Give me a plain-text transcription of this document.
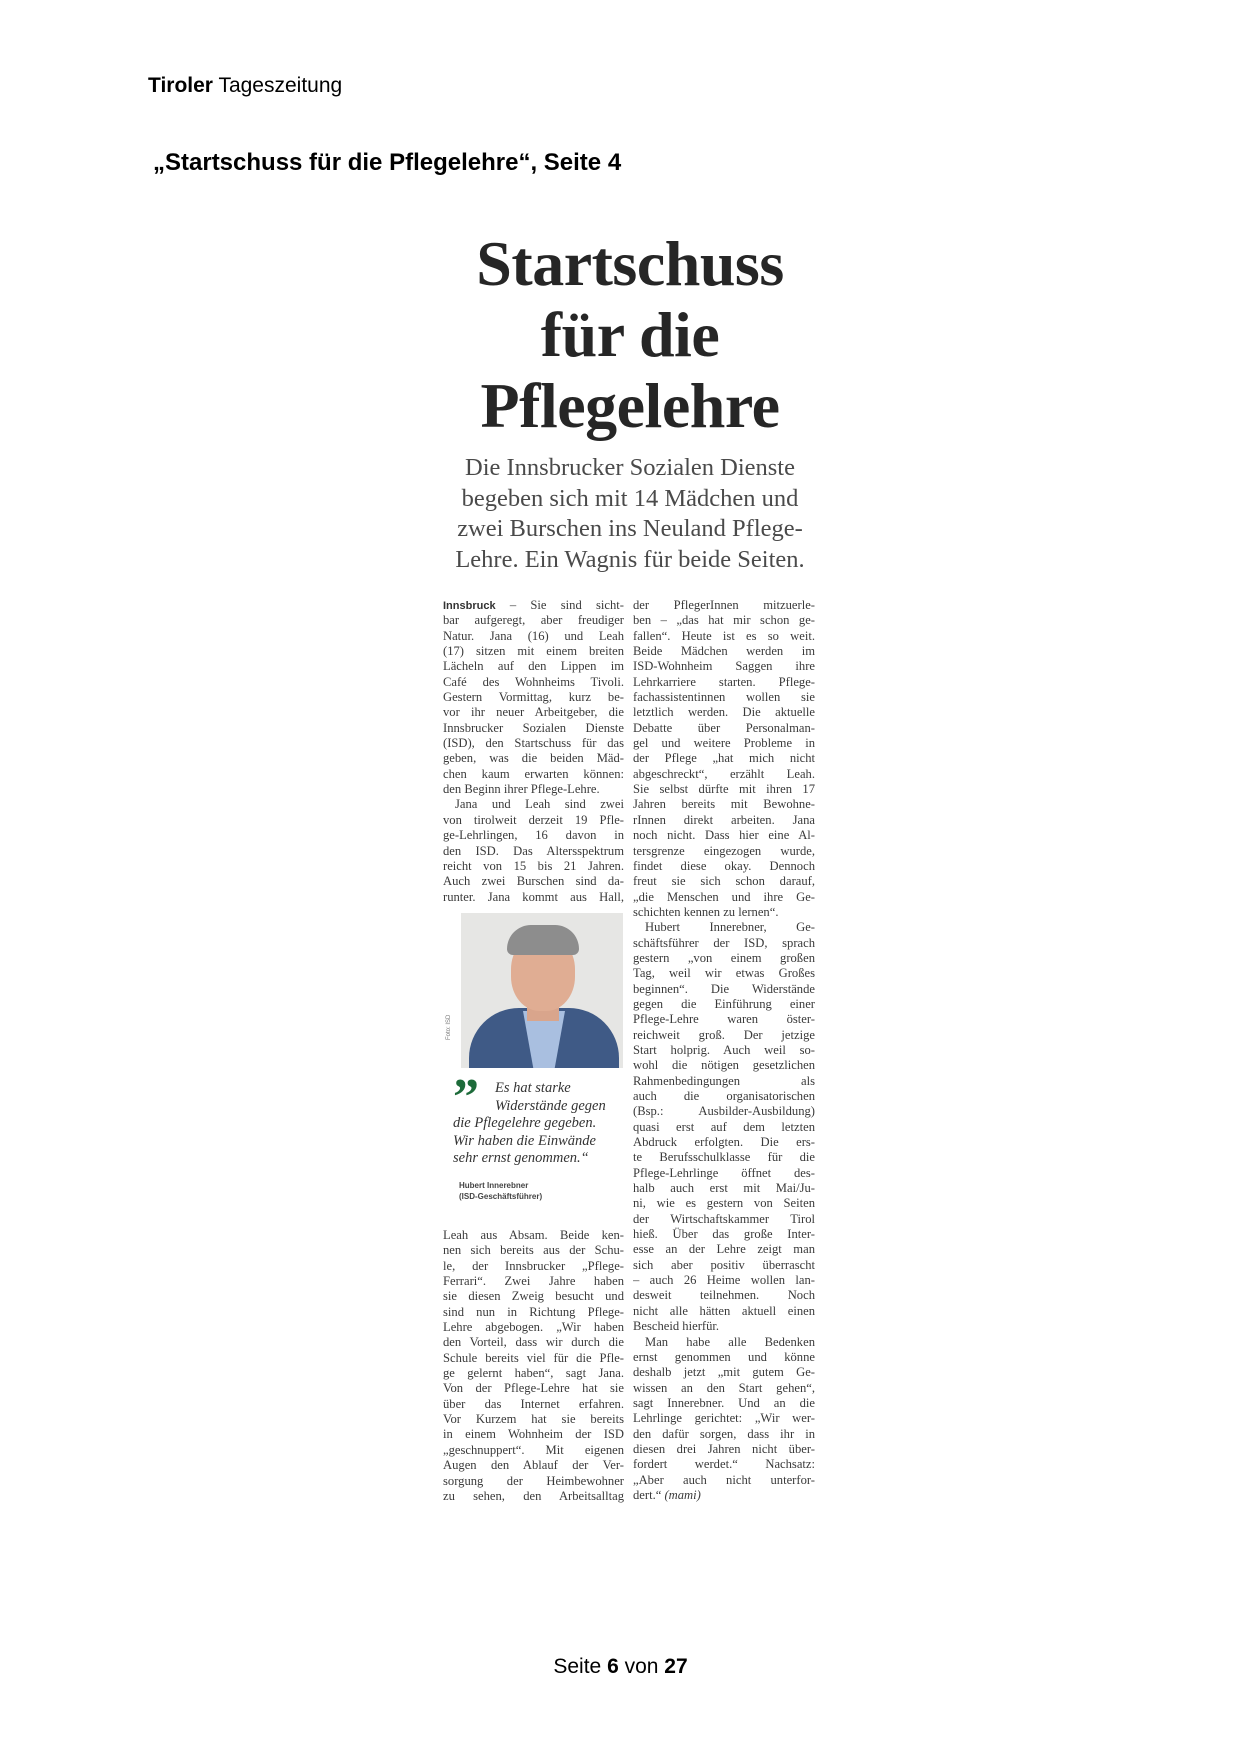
Tiroler Tageszeitung
„Startschuss für die Pflegelehre“, Seite 4
Startschuss
für die
Pflegelehre
Die Innsbrucker Sozialen Dienste
begeben sich mit 14 Mädchen und
zwei Burschen ins Neuland Pflege-
Lehre. Ein Wagnis für beide Seiten.
Innsbruck – Sie sind sicht-
bar aufgeregt, aber freudiger
Natur. Jana (16) und Leah
(17) sitzen mit einem breiten
Lächeln auf den Lippen im
Café des Wohnheims Tivoli.
Gestern Vormittag, kurz be-
vor ihr neuer Arbeitgeber, die
Innsbrucker Sozialen Dienste
(ISD), den Startschuss für das
geben, was die beiden Mäd-
chen kaum erwarten können:
den Beginn ihrer Pflege-Lehre.
Jana und Leah sind zwei
von tirolweit derzeit 19 Pfle-
ge-Lehrlingen, 16 davon in
den ISD. Das Altersspektrum
reicht von 15 bis 21 Jahren.
Auch zwei Burschen sind da-
runter. Jana kommt aus Hall,
Leah aus Absam. Beide ken-
nen sich bereits aus der Schu-
le, der Innsbrucker „Pflege-
Ferrari“. Zwei Jahre haben
sie diesen Zweig besucht und
sind nun in Richtung Pflege-
Lehre abgebogen. „Wir haben
den Vorteil, dass wir durch die
Schule bereits viel für die Pfle-
ge gelernt haben“, sagt Jana.
Von der Pflege-Lehre hat sie
über das Internet erfahren.
Vor Kurzem hat sie bereits
in einem Wohnheim der ISD
„geschnuppert“. Mit eigenen
Augen den Ablauf der Ver-
sorgung der Heimbewohner
zu sehen, den Arbeitsalltag
der PflegerInnen mitzuerle-
ben – „das hat mir schon ge-
fallen“. Heute ist es so weit.
Beide Mädchen werden im
ISD-Wohnheim Saggen ihre
Lehrkarriere starten. Pflege-
fachassistentinnen wollen sie
letztlich werden. Die aktuelle
Debatte über Personalman-
gel und weitere Probleme in
der Pflege „hat mich nicht
abgeschreckt“, erzählt Leah.
Sie selbst dürfte mit ihren 17
Jahren bereits mit Bewohne-
rInnen direkt arbeiten. Jana
noch nicht. Dass hier eine Al-
tersgrenze eingezogen wurde,
findet diese okay. Dennoch
freut sie sich schon darauf,
„die Menschen und ihre Ge-
schichten kennen zu lernen“.
Hubert Innerebner, Ge-
schäftsführer der ISD, sprach
gestern „von einem großen
Tag, weil wir etwas Großes
beginnen“. Die Widerstände
gegen die Einführung einer
Pflege-Lehre waren öster-
reichweit groß. Der jetzige
Start holprig. Auch weil so-
wohl die nötigen gesetzlichen
Rahmenbedingungen als
auch die organisatorischen
(Bsp.: Ausbilder-Ausbildung)
quasi erst auf dem letzten
Abdruck erfolgten. Die ers-
te Berufsschulklasse für die
Pflege-Lehrlinge öffnet des-
halb auch erst mit Mai/Ju-
ni, wie es gestern von Seiten
der Wirtschaftskammer Tirol
hieß. Über das große Inter-
esse an der Lehre zeigt man
sich aber positiv überrascht
– auch 26 Heime wollen lan-
desweit teilnehmen. Noch
nicht alle hätten aktuell einen
Bescheid hierfür.
Man habe alle Bedenken
ernst genommen und könne
deshalb jetzt „mit gutem Ge-
wissen an den Start gehen“,
sagt Innerebner. Und an die
Lehrlinge gerichtet: „Wir wer-
den dafür sorgen, dass ihr in
diesen drei Jahren nicht über-
fordert werdet.“ Nachsatz:
„Aber auch nicht unterfor-
dert.“ (mami)
Foto: ISD
”	Es hat starke
Widerstände gegen
die Pflegelehre gegeben.
Wir haben die Einwände
sehr ernst genommen.“
Hubert Innerebner
(ISD-Geschäftsführer)
Seite 6 von 27
